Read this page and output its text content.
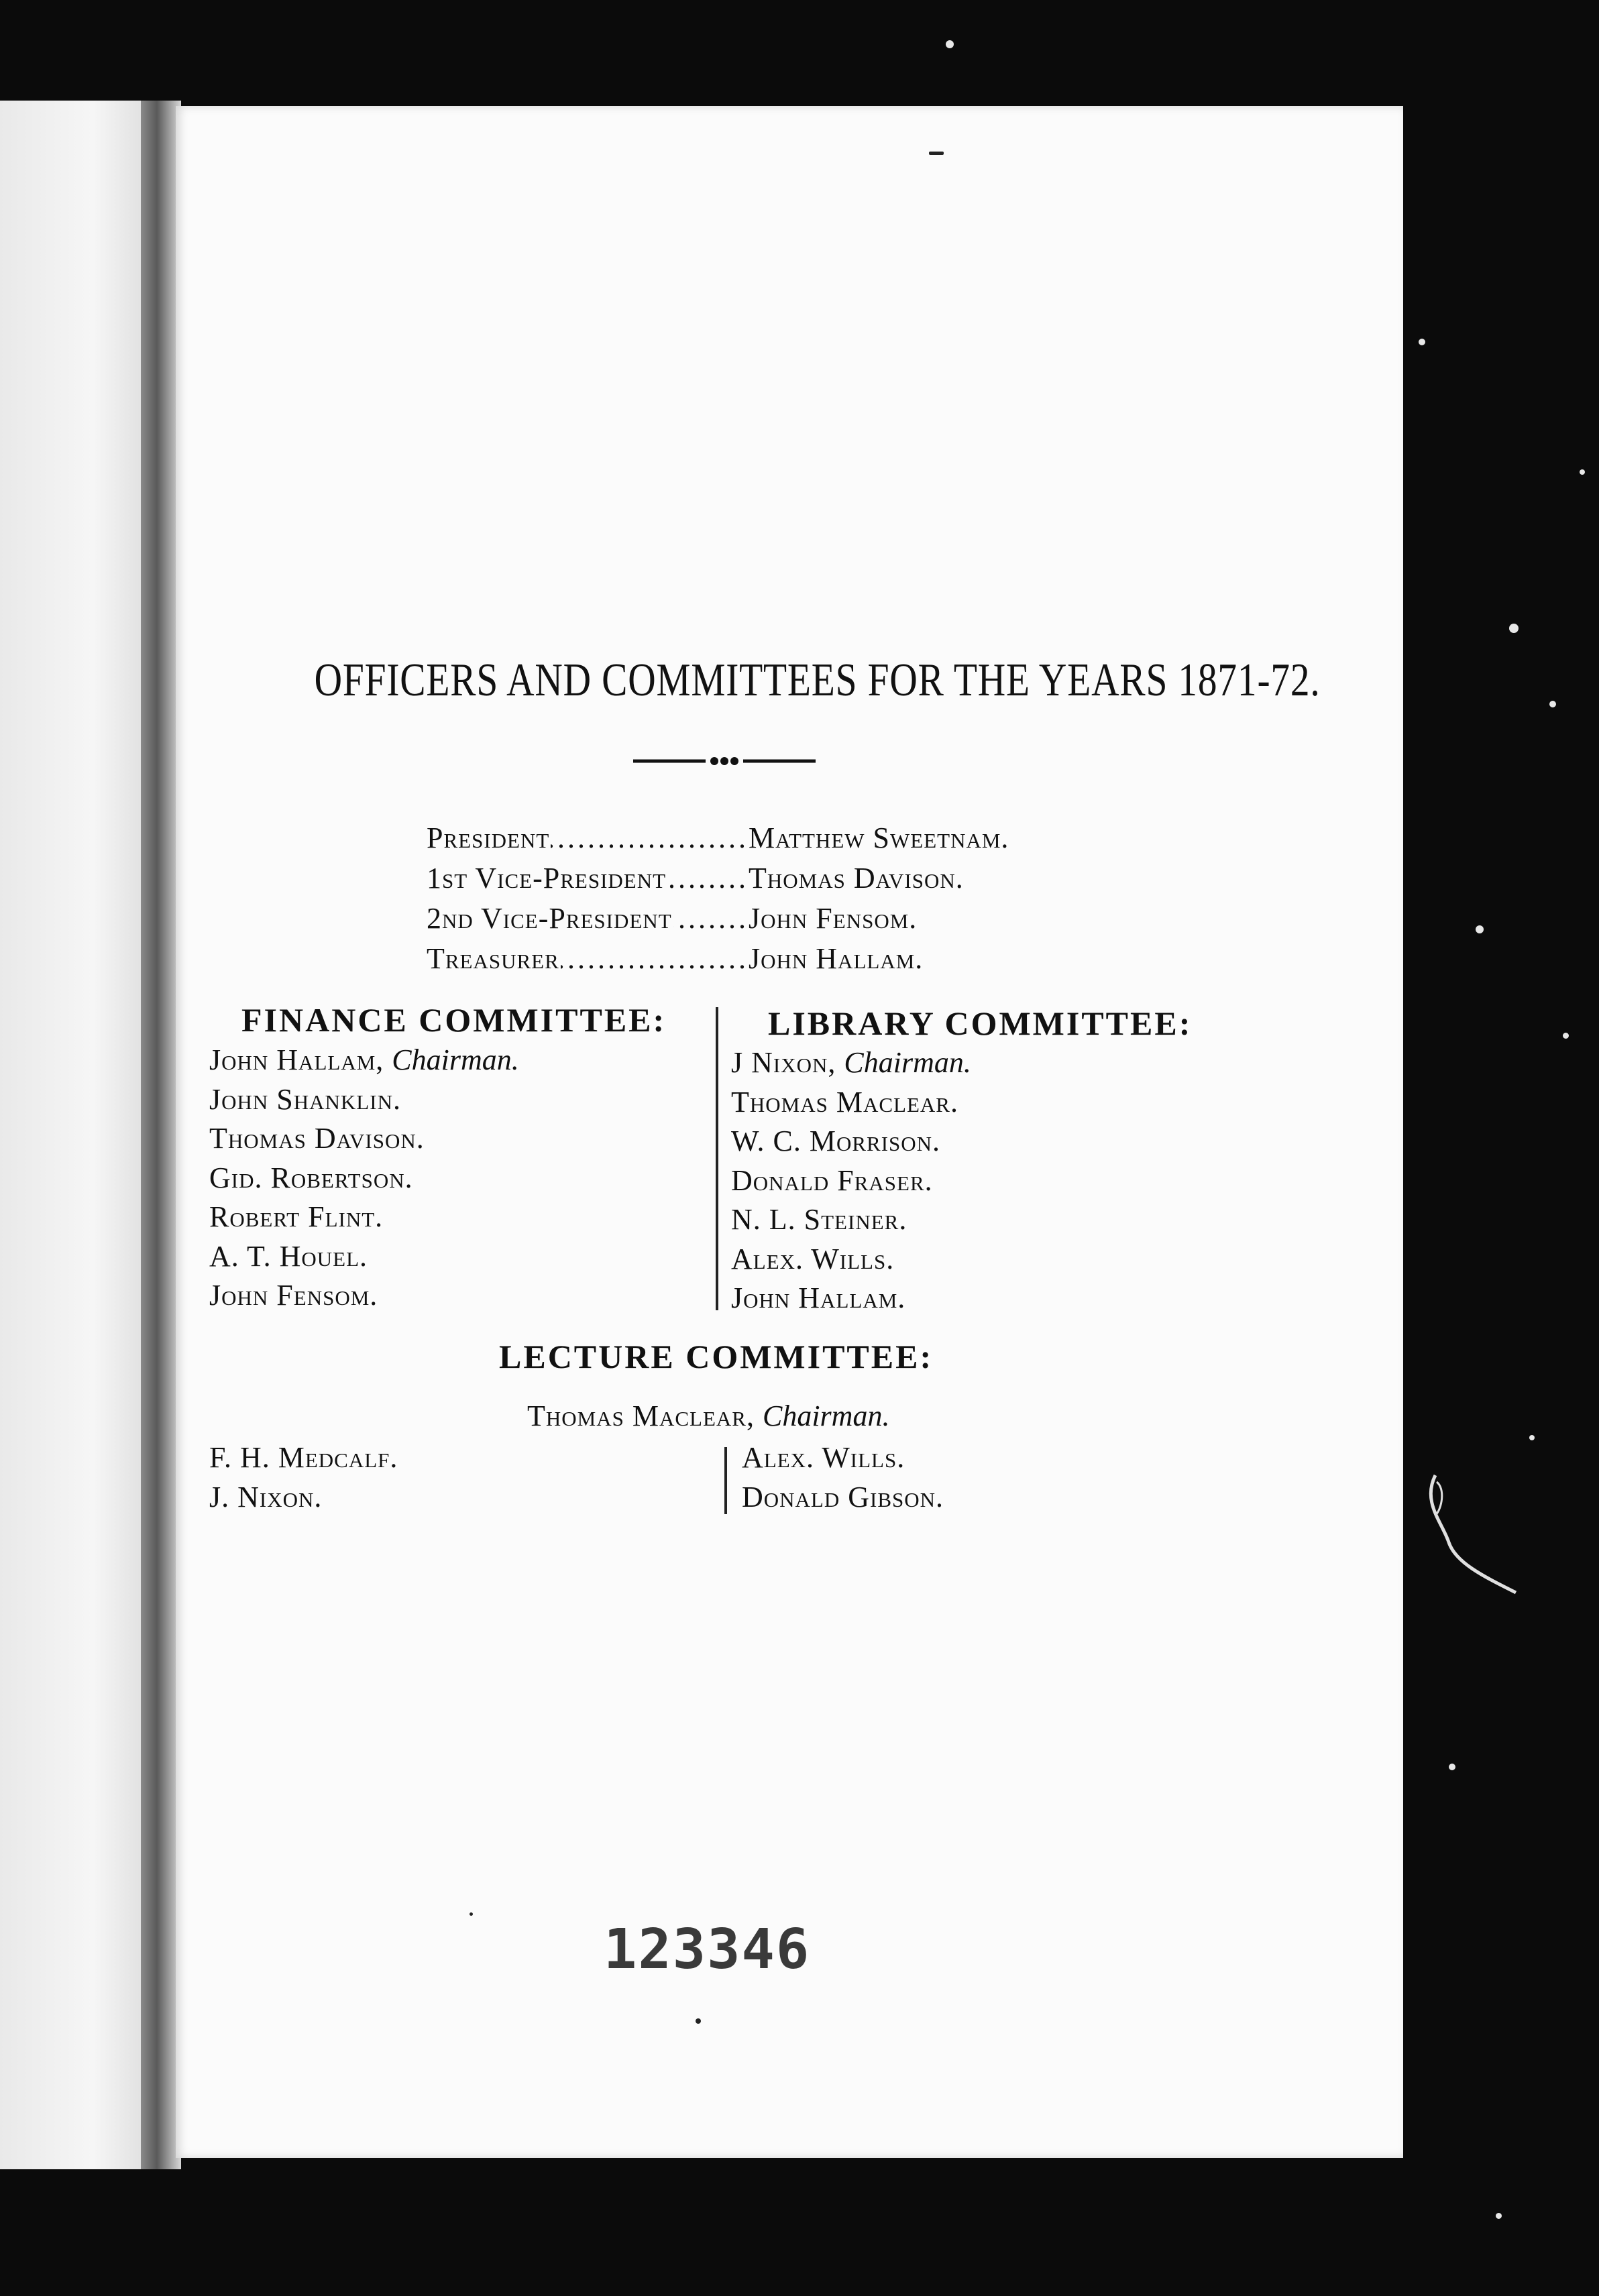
OFFICERS AND COMMITTEES FOR THE YEARS 1871-72.
President .....	Matthew Sweetnam.
1st Vice-President .....	Thomas Davison.
2nd Vice-President .....	John Fensom.
Treasurer .....	John Hallam.
FINANCE COMMITTEE:
John Hallam, Chairman.
John Shanklin.
Thomas Davison.
Gid. Robertson.
Robert Flint.
A. T. Houel.
John Fensom.
LIBRARY COMMITTEE:
J Nixon, Chairman.
Thomas Maclear.
W. C. Morrison.
Donald Fraser.
N. L. Steiner.
Alex. Wills.
John Hallam.
LECTURE COMMITTEE:
Thomas Maclear, Chairman.
F. H. Medcalf.
J. Nixon.
Alex. Wills.
Donald Gibson.
123346
